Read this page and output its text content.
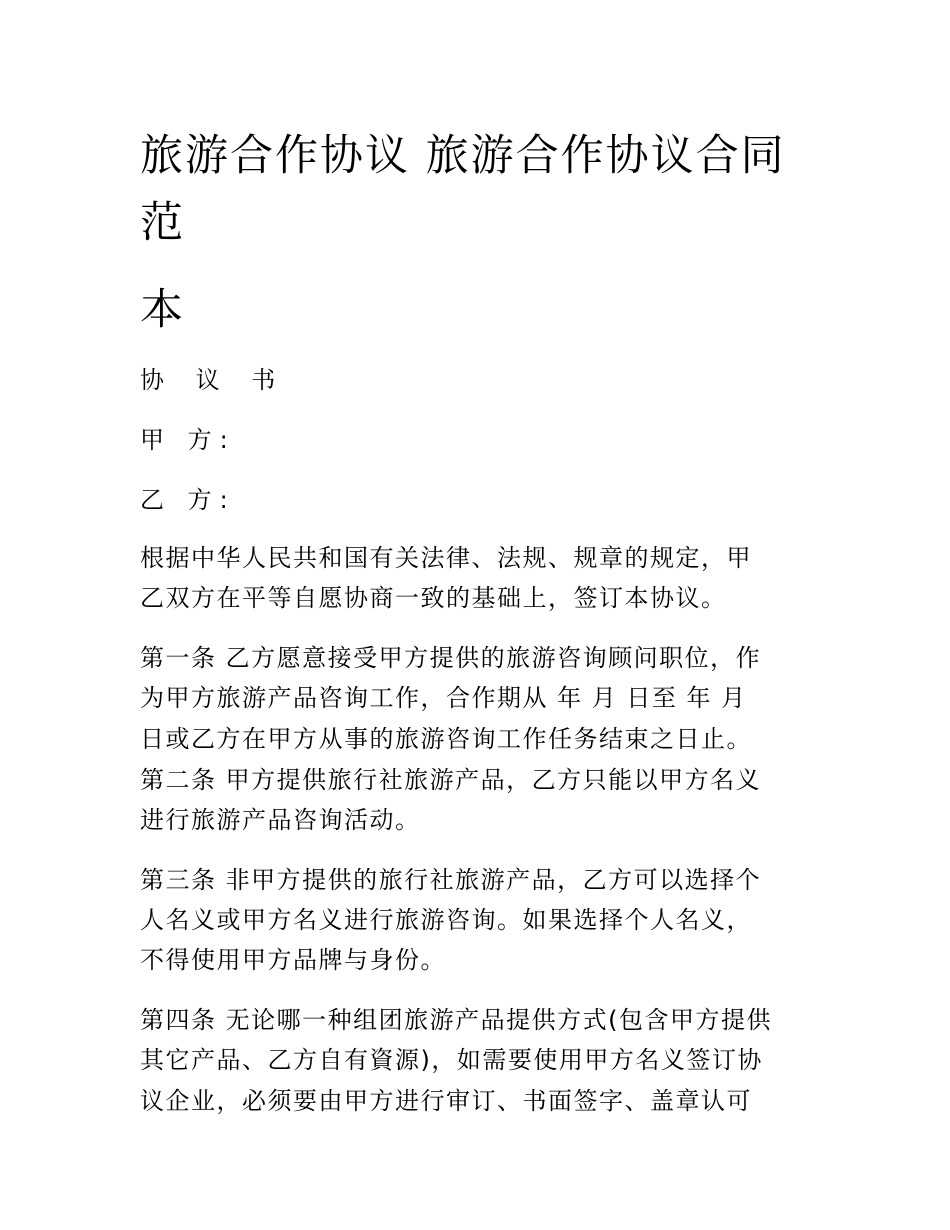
旅游合作协议 旅游合作协议合同
范
本
协 议 书
甲 方:
乙 方:
根据中华人民共和国有关法律、法规、规章的规定，甲
乙双方在平等自愿协商一致的基础上，签订本协议。
第一条 乙方愿意接受甲方提供的旅游咨询顾问职位，作
为甲方旅游产品咨询工作，合作期从 年 月 日至 年 月
日或乙方在甲方从事的旅游咨询工作任务结束之日止。
第二条 甲方提供旅行社旅游产品，乙方只能以甲方名义
进行旅游产品咨询活动。
第三条 非甲方提供的旅行社旅游产品，乙方可以选择个
人名义或甲方名义进行旅游咨询。如果选择个人名义，
不得使用甲方品牌与身份。
第四条 无论哪一种组团旅游产品提供方式(包含甲方提供
其它产品、乙方自有資源)，如需要使用甲方名义签订协
议企业，必须要由甲方进行审订、书面签字、盖章认可
